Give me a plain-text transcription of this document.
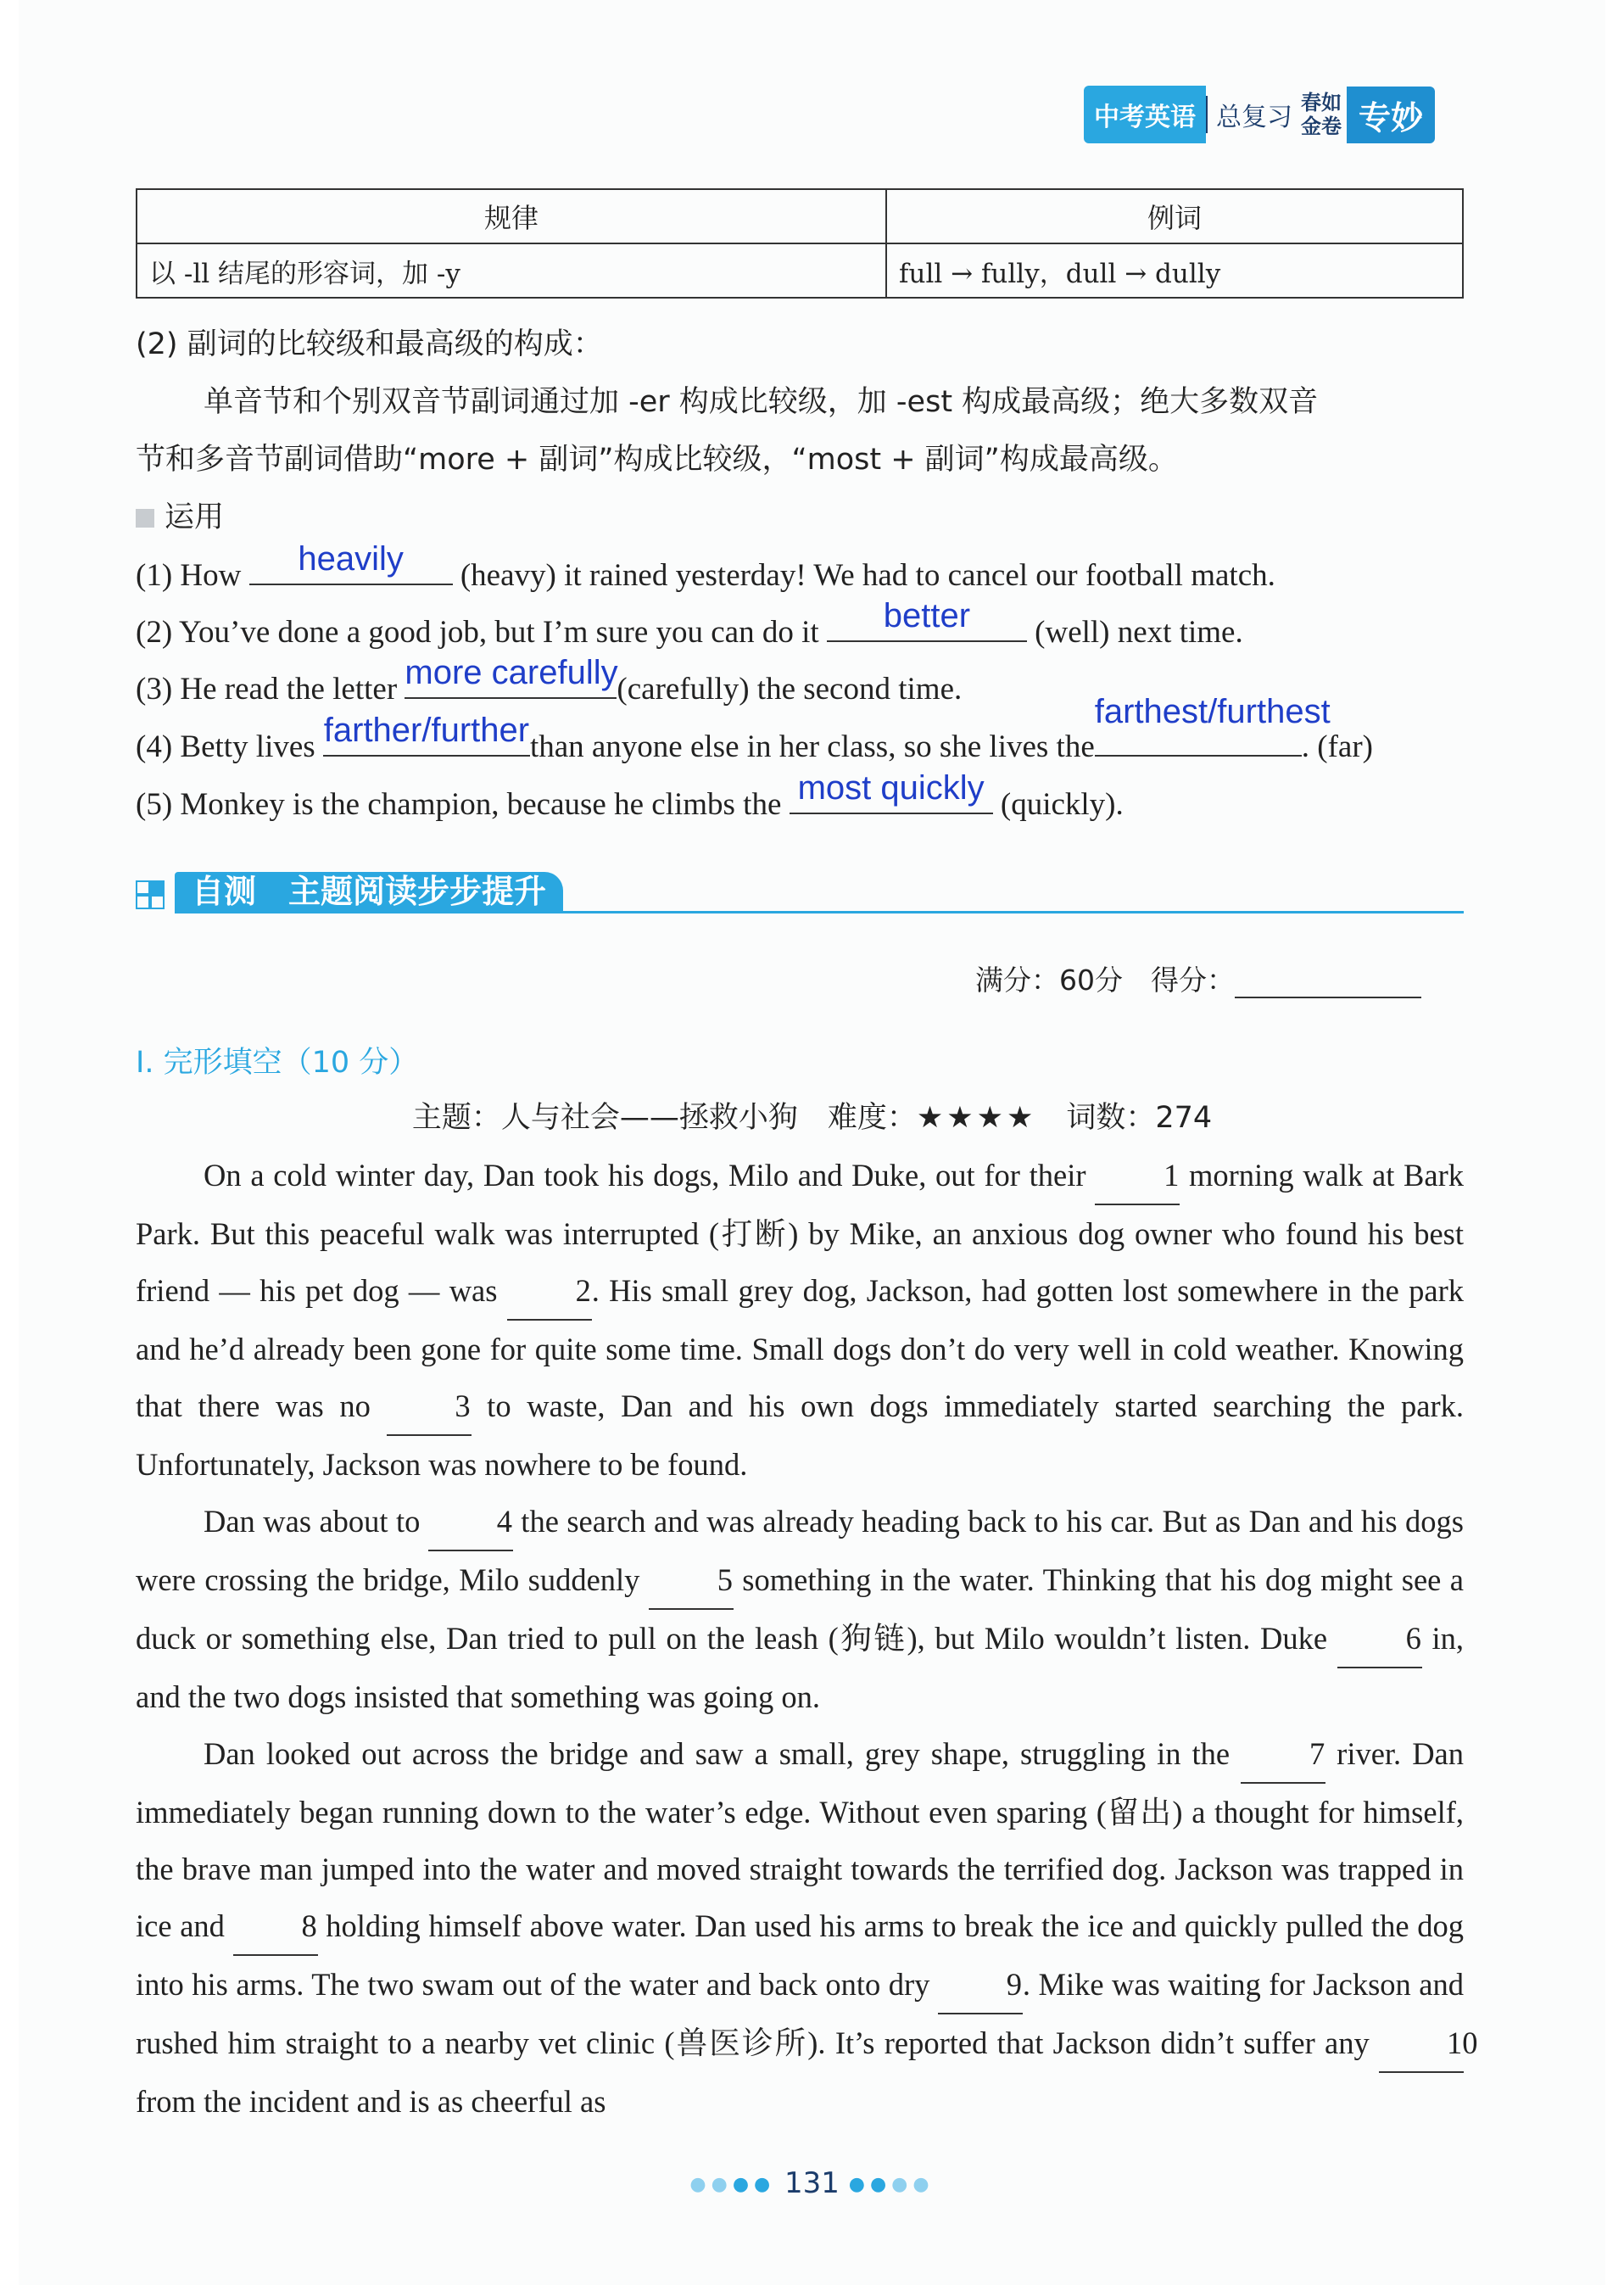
中考英语 总复习 春如
金卷 专妙
规律	例词
以 -ll 结尾的形容词，加 -y	full → fully，dull → dully
(2) 副词的比较级和最高级的构成：
单音节和个别双音节副词通过加 -er 构成比较级，加 -est 构成最高级；绝大多数双音
节和多音节副词借助“more + 副词”构成比较级，“most + 副词”构成最高级。
运用
(1) How	heavily	(heavy) it rained yesterday! We had to cancel our football match.
(2) You’ve done a good job, but I’m sure you can do it	better	(well) next time.
(3) He read the letter more carefully
(carefully) the second time.
(4) Betty lives farther/further than anyone else in her class, so she lives the
farthest/furthest
. (far)
(5) Monkey is the champion, because he climbs the most quickly (quickly).
自测　主题阅读步步提升
满分：60分　得分：
I. 完形填空（10 分）
主题：人与社会——拯救小狗　难度：★★★★　词数：274

On a cold winter day, Dan took his dogs, Milo and Duke, out for their 1 morning walk at Bark Park. But this peaceful walk was interrupted (打断) by Mike, an anxious dog owner who found his best friend — his pet dog — was 2. His small grey dog, Jackson, had gotten lost somewhere in the park and he’d already been gone for quite some time. Small dogs don’t do very well in cold weather. Knowing that there was no 3 to waste, Dan and his own dogs immediately started searching the park. Unfortunately, Jackson was nowhere to be found.

Dan was about to 4 the search and was already heading back to his car. But as Dan and his dogs were crossing the bridge, Milo suddenly 5 something in the water. Thinking that his dog might see a duck or something else, Dan tried to pull on the leash (狗链), but Milo wouldn’t listen. Duke 6 in, and the two dogs insisted that something was going on.

Dan looked out across the bridge and saw a small, grey shape, struggling in the 7 river. Dan immediately began running down to the water’s edge. Without even sparing (留出) a thought for himself, the brave man jumped into the water and moved straight towards the terrified dog. Jackson was trapped in ice and 8 holding himself above water. Dan used his arms to break the ice and quickly pulled the dog into his arms. The two swam out of the water and back onto dry 9. Mike was waiting for Jackson and rushed him straight to a nearby vet clinic (兽医诊所). It’s reported that Jackson didn’t suffer any 10 from the incident and is as cheerful as

●●●● 131 ●●●●
